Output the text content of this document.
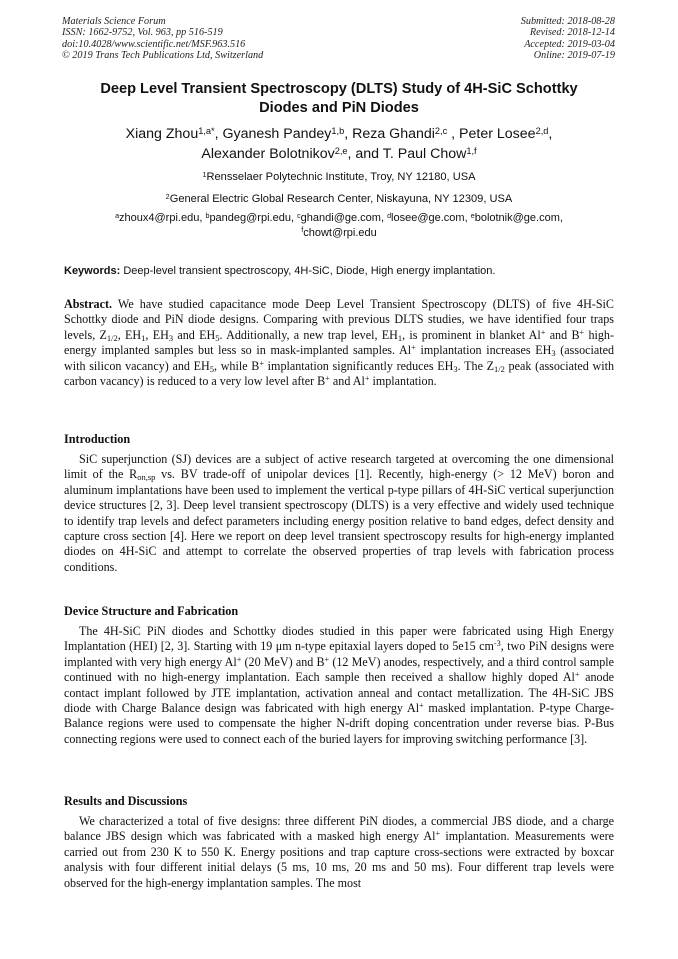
Materials Science Forum
ISSN: 1662-9752, Vol. 963, pp 516-519
doi:10.4028/www.scientific.net/MSF.963.516
© 2019 Trans Tech Publications Ltd, Switzerland
Submitted: 2018-08-28
Revised: 2018-12-14
Accepted: 2019-03-04
Online: 2019-07-19
Deep Level Transient Spectroscopy (DLTS) Study of 4H-SiC Schottky
Diodes and PiN Diodes
Xiang Zhou$^{1,a*}$, Gyanesh Pandey$^{1,b}$, Reza Ghandi$^{2,c}$ , Peter Losee$^{2,d}$,
Alexander Bolotnikov$^{2,e}$, and T. Paul Chow$^{1,f}$
$^1$Rensselaer Polytechnic Institute, Troy, NY 12180, USA
$^2$General Electric Global Research Center, Niskayuna, NY 12309, USA
$^a$zhoux4@rpi.edu, $^b$pandeg@rpi.edu, $^c$ghandi@ge.com, $^d$losee@ge.com, $^e$bolotnik@ge.com,
$^f$chowt@rpi.edu
Keywords: Deep-level transient spectroscopy, 4H-SiC, Diode, High energy implantation.
Abstract. We have studied capacitance mode Deep Level Transient Spectroscopy (DLTS) of five 4H-SiC Schottky diode and PiN diode designs. Comparing with previous DLTS studies, we have identified four traps levels, $Z_{1/2}$, $EH_1$, $EH_3$ and $EH_5$. Additionally, a new trap level, $EH_1$, is prominent in blanket Al+ and B+ high-energy implanted samples but less so in mask-implanted samples. Al+ implantation increases $EH_3$ (associated with silicon vacancy) and $EH_5$, while B+ implantation significantly reduces $EH_3$. The $Z_{1/2}$ peak (associated with carbon vacancy) is reduced to a very low level after B+ and Al+ implantation.
Introduction
SiC superjunction (SJ) devices are a subject of active research targeted at overcoming the one dimensional limit of the $R_{on,sp}$ vs. BV trade-off of unipolar devices [1]. Recently, high-energy (> 12 MeV) boron and aluminum implantations have been used to implement the vertical p-type pillars of 4H-SiC vertical superjunction device structures [2, 3]. Deep level transient spectroscopy (DLTS) is a very effective and widely used technique to identify trap levels and defect parameters including energy position relative to band edges, defect density and capture cross section [4]. Here we report on deep level transient spectroscopy results for high-energy implanted diodes on 4H-SiC and attempt to correlate the observed properties of trap levels with fabrication process conditions.
Device Structure and Fabrication
The 4H-SiC PiN diodes and Schottky diodes studied in this paper were fabricated using High Energy Implantation (HEI) [2, 3]. Starting with 19 μm n-type epitaxial layers doped to 5e15 $cm^{-3}$, two PiN designs were implanted with very high energy Al+ (20 MeV) and B+ (12 MeV) anodes, respectively, and a third control sample continued with no high-energy implantation. Each sample then received a shallow highly doped Al+ anode contact implant followed by JTE implantation, activation anneal and contact metallization. The 4H-SiC JBS diode with Charge Balance design was fabricated with high energy Al+ masked implantation. P-type Charge-Balance regions were used to compensate the higher N-drift doping concentration under reverse bias. P-Bus connecting regions were used to connect each of the buried layers for improving switching performance [3].
Results and Discussions
We characterized a total of five designs: three different PiN diodes, a commercial JBS diode, and a charge balance JBS design which was fabricated with a masked high energy Al+ implantation. Measurements were carried out from 230 K to 550 K. Energy positions and trap capture cross-sections were extracted by boxcar analysis with four different initial delays (5 ms, 10 ms, 20 ms and 50 ms). Four different trap levels were observed for the high-energy implantation samples. The most
